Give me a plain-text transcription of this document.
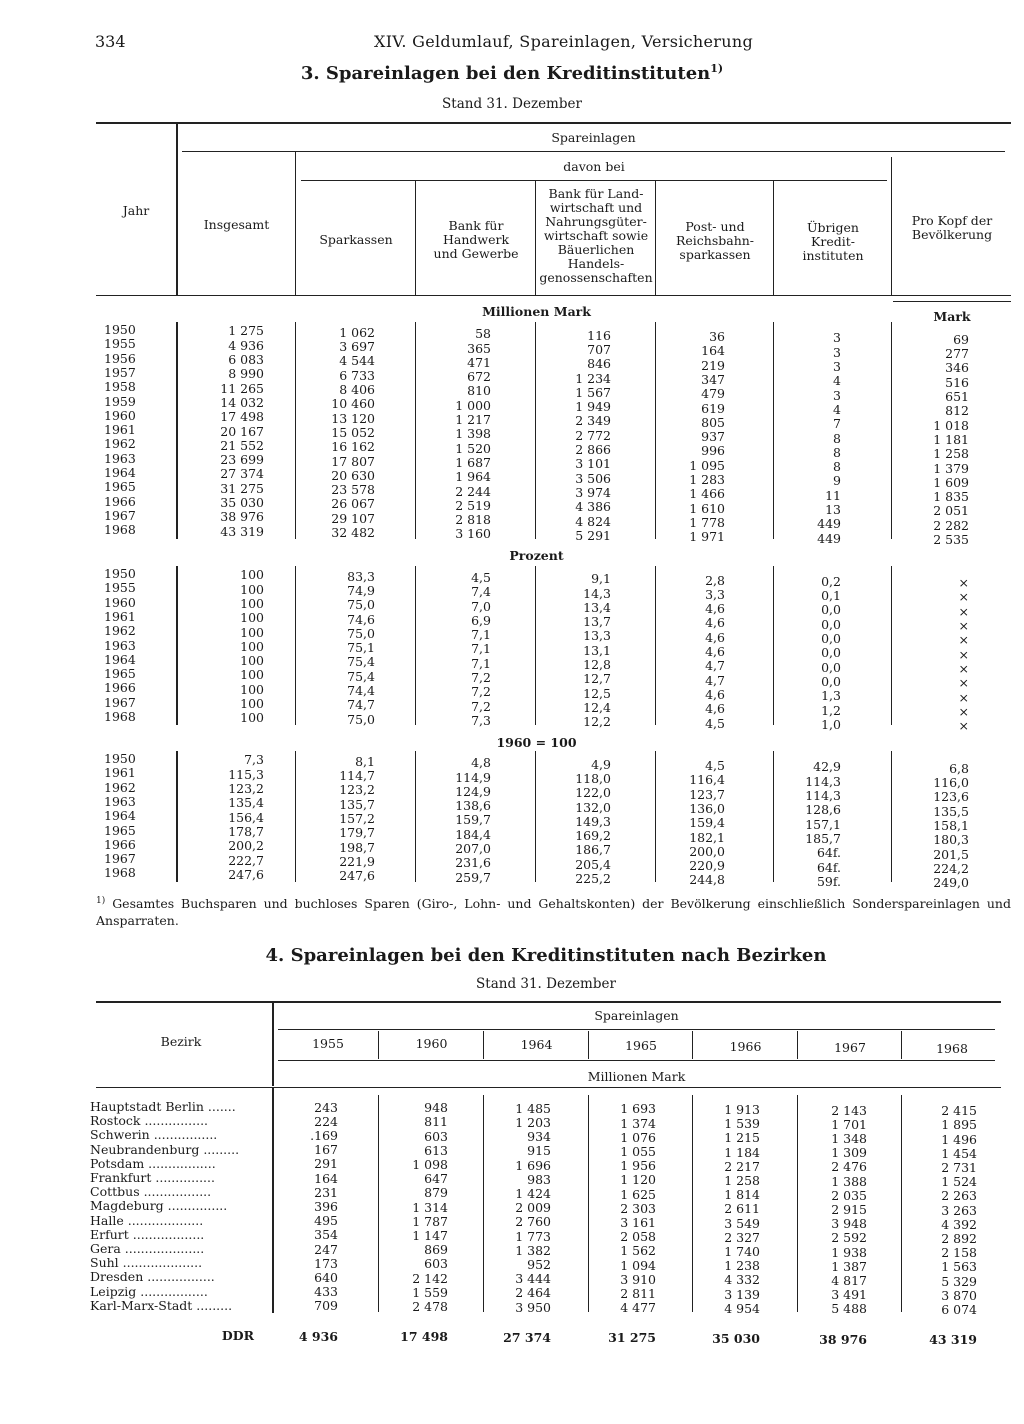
334	XIV. Geldumlauf, Spareinlagen, Versicherung
3. Spareinlagen bei den Kreditinstituten$^{1)}$
Stand 31. Dezember
Jahr
Spareinlagen
davon bei
Insgesamt
Sparkassen
Bank für
Handwerk
und Gewerbe
Bank für Land-
wirtschaft und
Nahrungsgüter-
wirtschaft sowie
Bäuerlichen
Handels-
genossenschaften
Post- und
Reichsbahn-
sparkassen
Übrigen
Kredit-
instituten
Pro Kopf der
Bevölkerung
Millionen Mark	Mark
Prozent
1960 = 100
1950	1 275	1 062	58	116	36	3	69
1955	4 936	3 697	365	707	164	3	277
1956	6 083	4 544	471	846	219	3	346
1957	8 990	6 733	672	1 234	347	4	516
1958	11 265	8 406	810	1 567	479	3	651
1959	14 032	10 460	1 000	1 949	619	4	812
1960	17 498	13 120	1 217	2 349	805	7	1 018
1961	20 167	15 052	1 398	2 772	937	8	1 181
1962	21 552	16 162	1 520	2 866	996	8	1 258
1963	23 699	17 807	1 687	3 101	1 095	8	1 379
1964	27 374	20 630	1 964	3 506	1 283	9	1 609
1965	31 275	23 578	2 244	3 974	1 466	11	1 835
1966	35 030	26 067	2 519	4 386	1 610	13	2 051
1967	38 976	29 107	2 818	4 824	1 778	449	2 282
1968	43 319	32 482	3 160	5 291	1 971	449	2 535
1950	100	83,3	4,5	9,1	2,8	0,2	×
1955	100	74,9	7,4	14,3	3,3	0,1	×
1960	100	75,0	7,0	13,4	4,6	0,0	×
1961	100	74,6	6,9	13,7	4,6	0,0	×
1962	100	75,0	7,1	13,3	4,6	0,0	×
1963	100	75,1	7,1	13,1	4,6	0,0	×
1964	100	75,4	7,1	12,8	4,7	0,0	×
1965	100	75,4	7,2	12,7	4,7	0,0	×
1966	100	74,4	7,2	12,5	4,6	1,3	×
1967	100	74,7	7,2	12,4	4,6	1,2	×
1968	100	75,0	7,3	12,2	4,5	1,0	×
1950	7,3	8,1	4,8	4,9	4,5	42,9	6,8
1961	115,3	114,7	114,9	118,0	116,4	114,3	116,0
1962	123,2	123,2	124,9	122,0	123,7	114,3	123,6
1963	135,4	135,7	138,6	132,0	136,0	128,6	135,5
1964	156,4	157,2	159,7	149,3	159,4	157,1	158,1
1965	178,7	179,7	184,4	169,2	182,1	185,7	180,3
1966	200,2	198,7	207,0	186,7	200,0	64f.	201,5
1967	222,7	221,9	231,6	205,4	220,9	64f.	224,2
1968	247,6	247,6	259,7	225,2	244,8	59f.	249,0
$^{1)}$ Gesamtes Buchsparen und buchloses Sparen (Giro-, Lohn- und Gehaltskonten) der Bevölkerung einschließlich Sonderspareinlagen und Ansparraten.
4. Spareinlagen bei den Kreditinstituten nach Bezirken
Stand 31. Dezember
Bezirk
Spareinlagen
1955	1960	1964	1965	1966	1967	1968
Millionen Mark
Hauptstadt Berlin .......	243	948	1 485	1 693	1 913	2 143	2 415
Rostock ................	224	811	1 203	1 374	1 539	1 701	1 895
Schwerin ................	.169	603	934	1 076	1 215	1 348	1 496
Neubrandenburg .........	167	613	915	1 055	1 184	1 309	1 454
Potsdam .................	291	1 098	1 696	1 956	2 217	2 476	2 731
Frankfurt ...............	164	647	983	1 120	1 258	1 388	1 524
Cottbus .................	231	879	1 424	1 625	1 814	2 035	2 263
Magdeburg ...............	396	1 314	2 009	2 303	2 611	2 915	3 263
Halle ...................	495	1 787	2 760	3 161	3 549	3 948	4 392
Erfurt ..................	354	1 147	1 773	2 058	2 327	2 592	2 892
Gera ....................	247	869	1 382	1 562	1 740	1 938	2 158
Suhl ....................	173	603	952	1 094	1 238	1 387	1 563
Dresden .................	640	2 142	3 444	3 910	4 332	4 817	5 329
Leipzig .................	433	1 559	2 464	2 811	3 139	3 491	3 870
Karl-Marx-Stadt .........	709	2 478	3 950	4 477	4 954	5 488	6 074
DDR	4 936	17 498	27 374	31 275	35 030	38 976	43 319
